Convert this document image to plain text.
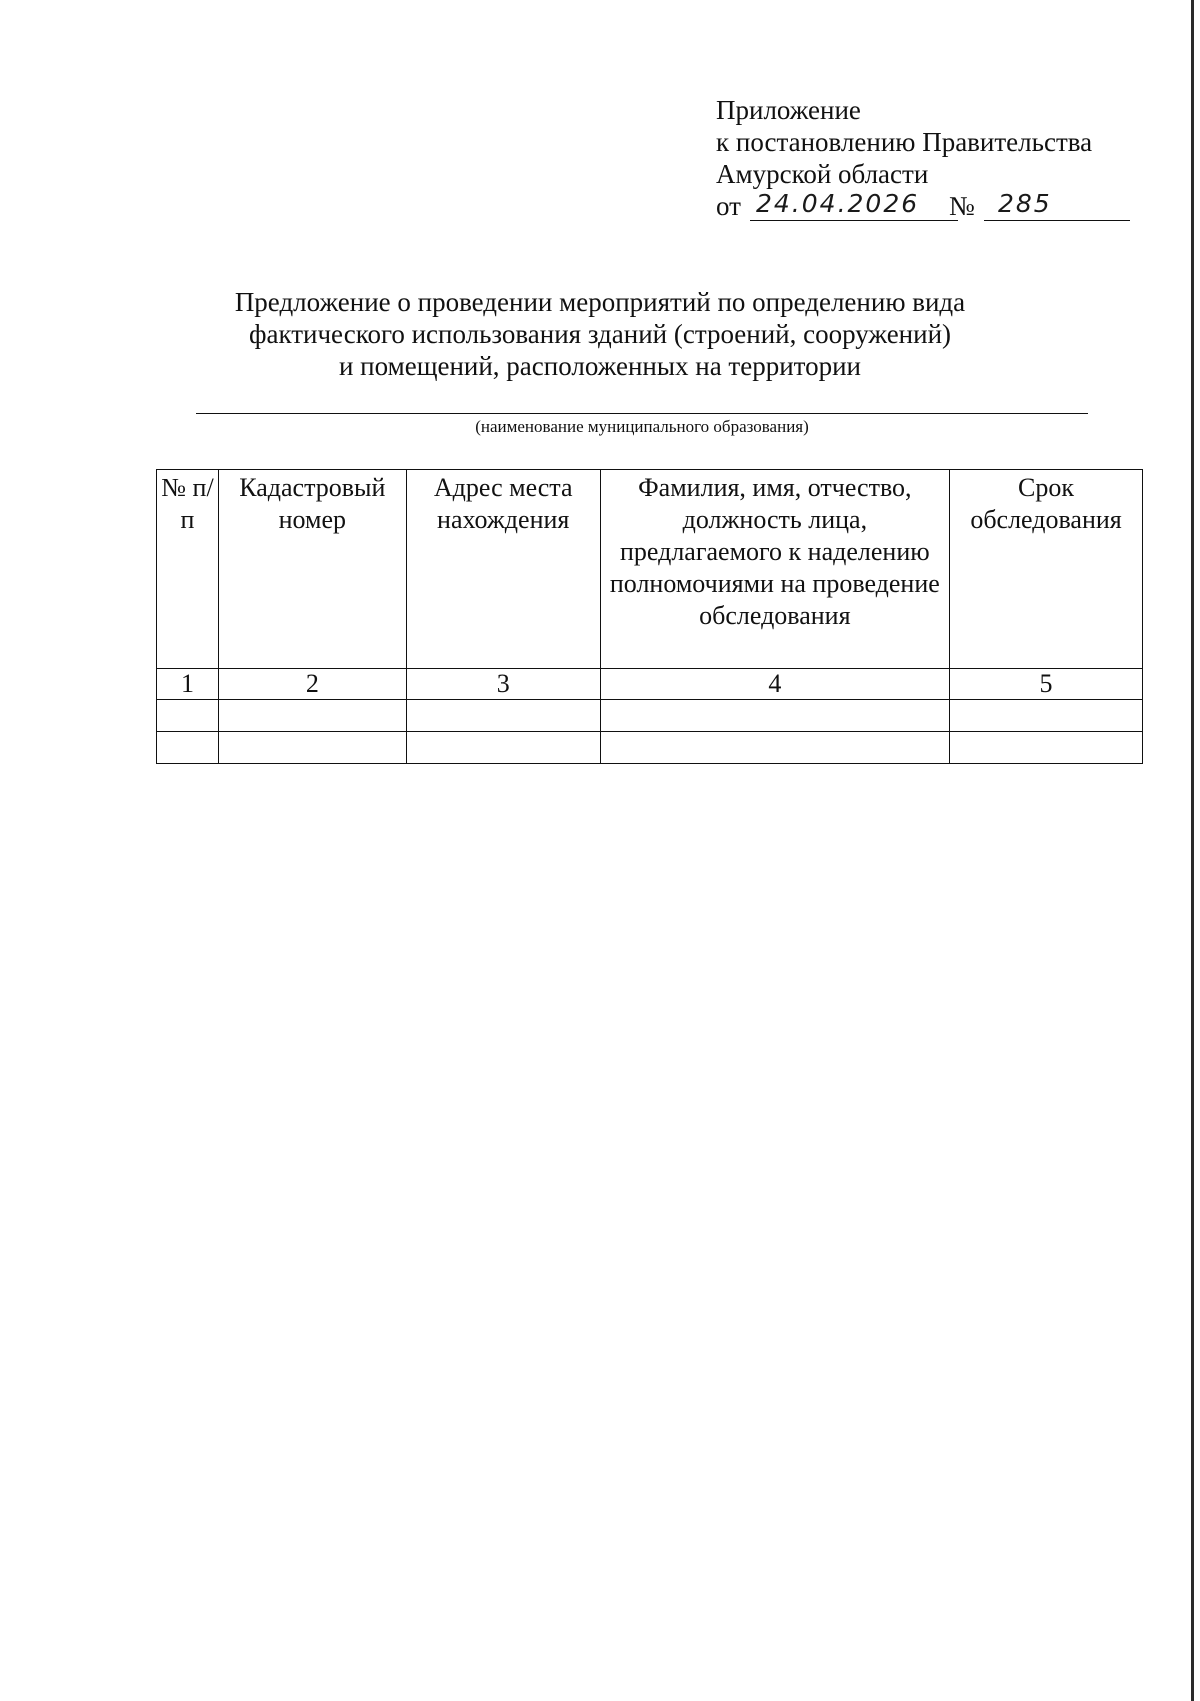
Приложение
к постановлению Правительства
Амурской области
от 24.04.2026 № 285
Предложение о проведении мероприятий по определению вида
фактического использования зданий (строений, сооружений)
и помещений, расположенных на территории
(наименование муниципального образования)
№ п/п	Кадастровый номер	Адрес места нахождения	Фамилия, имя, отчество, должность лица, предлагаемого к наделению полномочиями на проведение обследования	Срок обследования
1	2	3	4	5
